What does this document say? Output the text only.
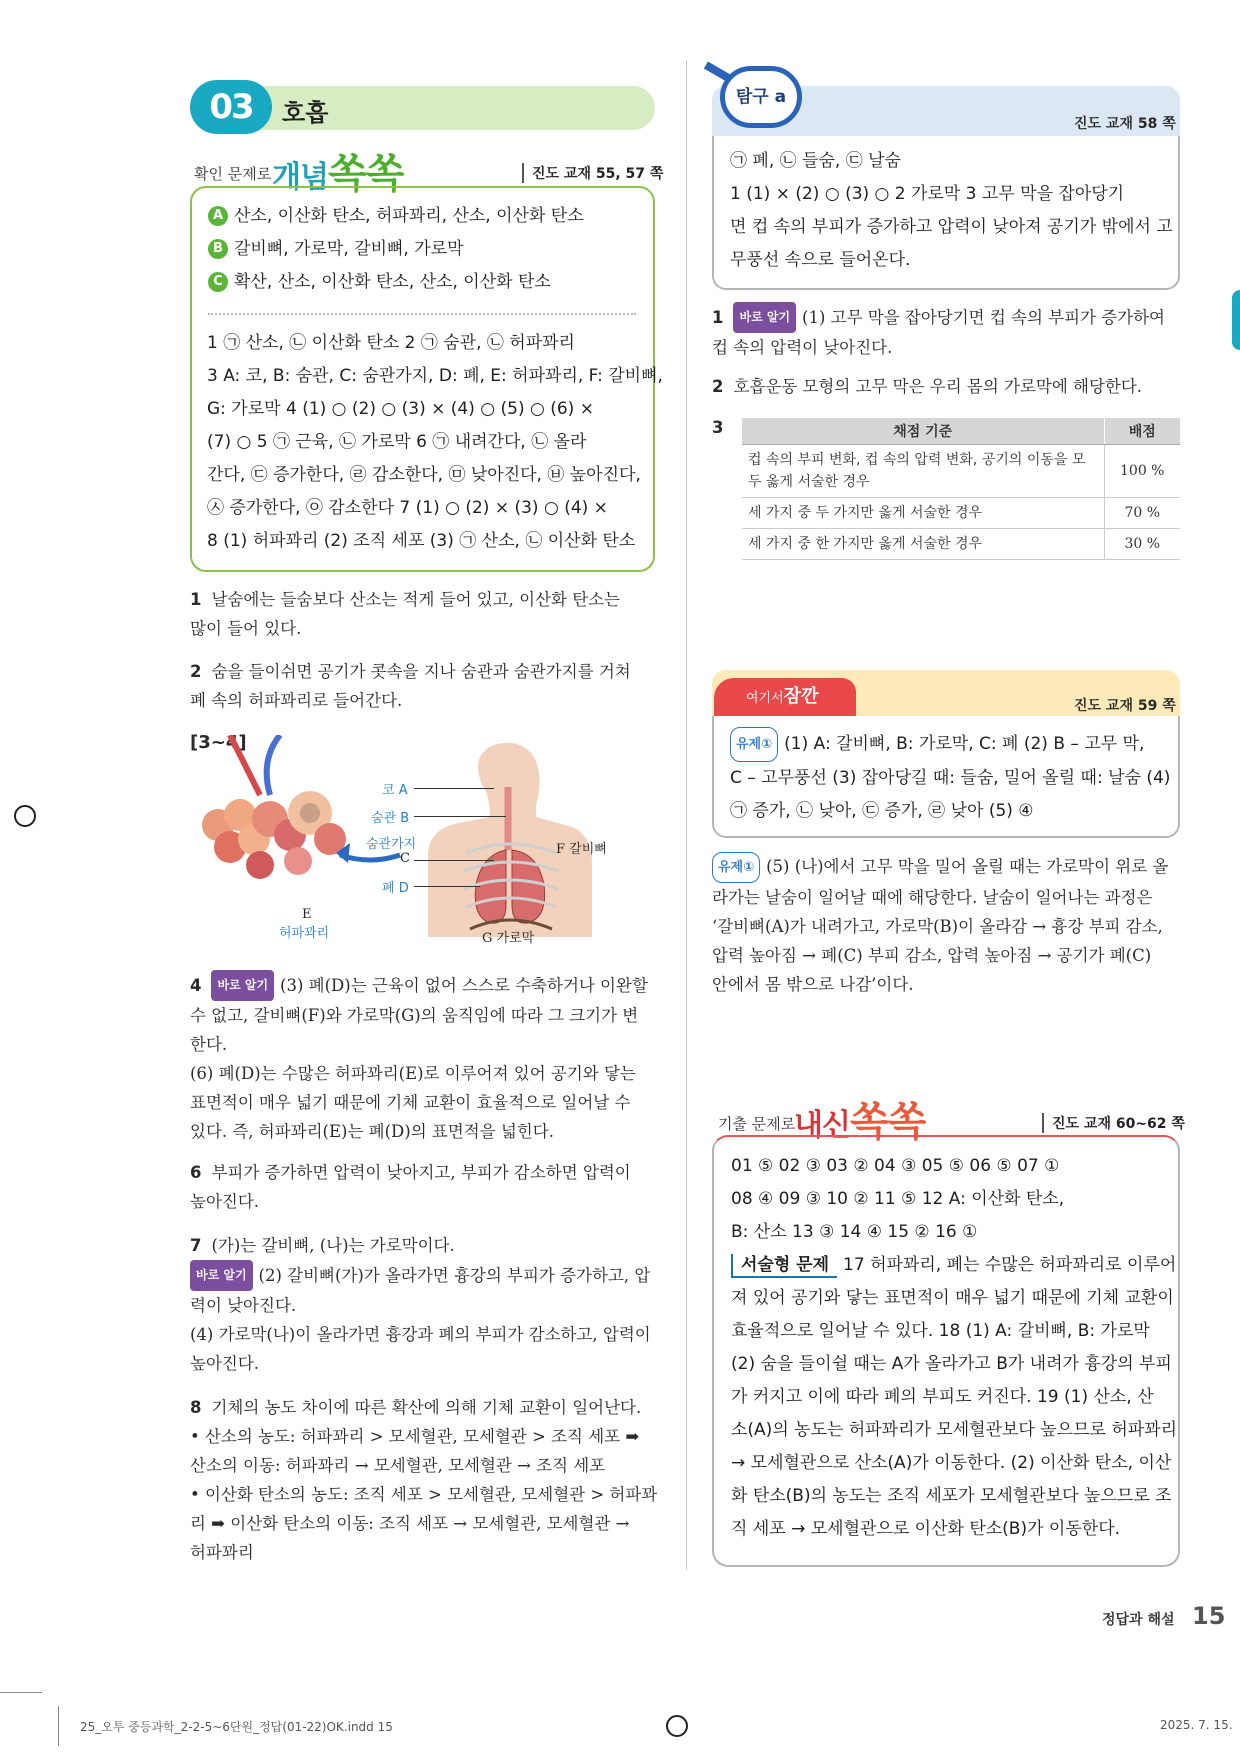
03	호흡
확인 문제로 개념쏙쏙	진도 교재 55, 57 쪽
A 산소, 이산화 탄소, 허파꽈리, 산소, 이산화 탄소
B 갈비뼈, 가로막, 갈비뼈, 가로막
C 확산, 산소, 이산화 탄소, 산소, 이산화 탄소
1 ㉠ 산소, ㉡ 이산화 탄소 2 ㉠ 숨관, ㉡ 허파꽈리
3 A: 코, B: 숨관, C: 숨관가지, D: 폐, E: 허파꽈리, F: 갈비뼈,
G: 가로막 4 (1) ○ (2) ○ (3) × (4) ○ (5) ○ (6) ×
(7) ○ 5 ㉠ 근육, ㉡ 가로막 6 ㉠ 내려간다, ㉡ 올라
간다, ㉢ 증가한다, ㉣ 감소한다, ㉤ 낮아진다, ㉥ 높아진다,
㉦ 증가한다, ㉧ 감소한다 7 (1) ○ (2) × (3) ○ (4) ×
8 (1) 허파꽈리 (2) 조직 세포 (3) ㉠ 산소, ㉡ 이산화 탄소
1 날숨에는 들숨보다 산소는 적게 들어 있고, 이산화 탄소는
많이 들어 있다.
2 숨을 들이쉬면 공기가 콧속을 지나 숨관과 숨관가지를 거쳐
폐 속의 허파꽈리로 들어간다.
[3~4]
코 A
숨관 B
숨관가지
C
폐 D
F 갈비뼈
E
허파꽈리	G 가로막
4 바로 알기 (3) 폐(D)는 근육이 없어 스스로 수축하거나 이완할
수 없고, 갈비뼈(F)와 가로막(G)의 움직임에 따라 그 크기가 변
한다.
(6) 폐(D)는 수많은 허파꽈리(E)로 이루어져 있어 공기와 닿는
표면적이 매우 넓기 때문에 기체 교환이 효율적으로 일어날 수
있다. 즉, 허파꽈리(E)는 폐(D)의 표면적을 넓힌다.
6 부피가 증가하면 압력이 낮아지고, 부피가 감소하면 압력이
높아진다.
7 (가)는 갈비뼈, (나)는 가로막이다.
바로 알기 (2) 갈비뼈(가)가 올라가면 흉강의 부피가 증가하고, 압
력이 낮아진다.
(4) 가로막(나)이 올라가면 흉강과 폐의 부피가 감소하고, 압력이
높아진다.
8 기체의 농도 차이에 따른 확산에 의해 기체 교환이 일어난다.
• 산소의 농도: 허파꽈리 > 모세혈관, 모세혈관 > 조직 세포 ➡
산소의 이동: 허파꽈리 → 모세혈관, 모세혈관 → 조직 세포
• 이산화 탄소의 농도: 조직 세포 > 모세혈관, 모세혈관 > 허파꽈
리 ➡ 이산화 탄소의 이동: 조직 세포 → 모세혈관, 모세혈관 →
허파꽈리
탐구 a
진도 교재 58 쪽
㉠ 폐, ㉡ 들숨, ㉢ 날숨
1 (1) × (2) ○ (3) ○ 2 가로막 3 고무 막을 잡아당기
면 컵 속의 부피가 증가하고 압력이 낮아져 공기가 밖에서 고
무풍선 속으로 들어온다.
1 바로 알기 (1) 고무 막을 잡아당기면 컵 속의 부피가 증가하여
컵 속의 압력이 낮아진다.
2 호흡운동 모형의 고무 막은 우리 몸의 가로막에 해당한다.
3	채점 기준	배점
컵 속의 부피 변화, 컵 속의 압력 변화, 공기의 이동을 모두 옳게 서술한 경우	100 %
세 가지 중 두 가지만 옳게 서술한 경우	70 %
세 가지 중 한 가지만 옳게 서술한 경우	30 %
여기서잠깐	진도 교재 59 쪽
유제① (1) A: 갈비뼈, B: 가로막, C: 폐 (2) B – 고무 막,
C – 고무풍선 (3) 잡아당길 때: 들숨, 밀어 올릴 때: 날숨 (4)
㉠ 증가, ㉡ 낮아, ㉢ 증가, ㉣ 낮아 (5) ④
유제① (5) (나)에서 고무 막을 밀어 올릴 때는 가로막이 위로 올
라가는 날숨이 일어날 때에 해당한다. 날숨이 일어나는 과정은
‘갈비뼈(A)가 내려가고, 가로막(B)이 올라감 → 흉강 부피 감소,
압력 높아짐 → 폐(C) 부피 감소, 압력 높아짐 → 공기가 폐(C)
안에서 몸 밖으로 나감’이다.
기출 문제로
내신쏙쏙	진도 교재 60~62 쪽
01 ⑤ 02 ③ 03 ② 04 ③ 05 ⑤ 06 ⑤ 07 ①
08 ④ 09 ③ 10 ② 11 ⑤ 12 A: 이산화 탄소,
B: 산소 13 ③ 14 ④ 15 ② 16 ①
서술형 문제 17 허파꽈리, 폐는 수많은 허파꽈리로 이루어
져 있어 공기와 닿는 표면적이 매우 넓기 때문에 기체 교환이
효율적으로 일어날 수 있다. 18 (1) A: 갈비뼈, B: 가로막
(2) 숨을 들이쉴 때는 A가 올라가고 B가 내려가 흉강의 부피
가 커지고 이에 따라 폐의 부피도 커진다. 19 (1) 산소, 산
소(A)의 농도는 허파꽈리가 모세혈관보다 높으므로 허파꽈리
→ 모세혈관으로 산소(A)가 이동한다. (2) 이산화 탄소, 이산
화 탄소(B)의 농도는 조직 세포가 모세혈관보다 높으므로 조
직 세포 → 모세혈관으로 이산화 탄소(B)가 이동한다.
정답과 해설 15
25_오투 중등과학_2-2-5~6단원_정답(01-22)OK.indd 15	2025. 7. 15.
